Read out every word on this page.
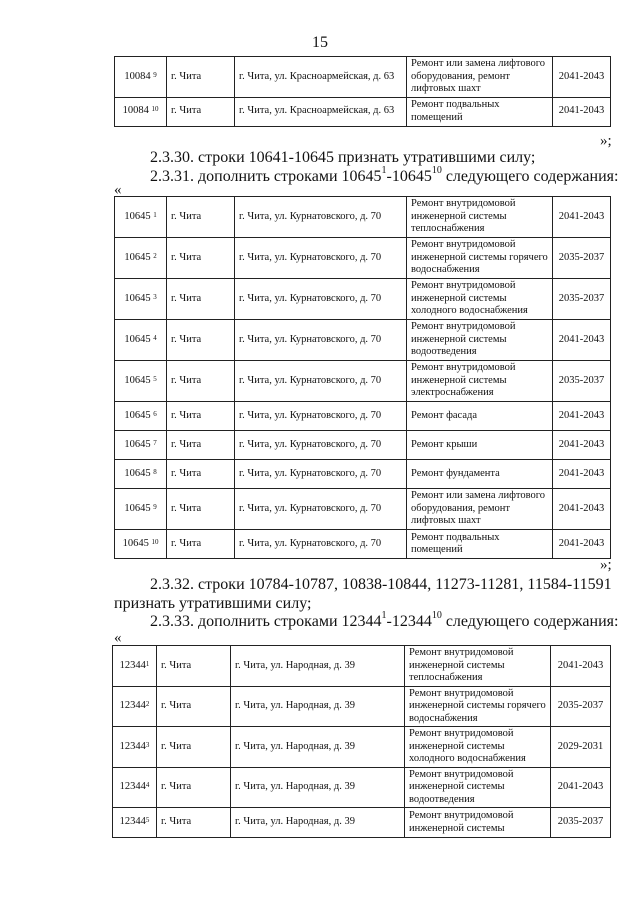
15
10084 $^9$	г. Чита	г. Чита, ул. Красноармейская, д. 63	Ремонт или замена лифтового оборудования, ремонт лифтовых шахт	2041-2043
10084 $^{10}$	г. Чита	г. Чита, ул. Красноармейская, д. 63	Ремонт подвальных помещений	2041-2043
»;
2.3.30. строки 10641-10645 признать утратившими силу;
2.3.31. дополнить строками 10645$^1$-10645$^{10}$ следующего содержания:
«
10645 $^1$	г. Чита	г. Чита, ул. Курнатовского, д. 70	Ремонт внутридомовой инженерной системы теплоснабжения	2041-2043
10645 $^2$	г. Чита	г. Чита, ул. Курнатовского, д. 70	Ремонт внутридомовой инженерной системы горячего водоснабжения	2035-2037
10645 $^3$	г. Чита	г. Чита, ул. Курнатовского, д. 70	Ремонт внутридомовой инженерной системы холодного водоснабжения	2035-2037
10645 $^4$	г. Чита	г. Чита, ул. Курнатовского, д. 70	Ремонт внутридомовой инженерной системы водоотведения	2041-2043
10645 $^5$	г. Чита	г. Чита, ул. Курнатовского, д. 70	Ремонт внутридомовой инженерной системы электроснабжения	2035-2037
10645 $^6$	г. Чита	г. Чита, ул. Курнатовского, д. 70	Ремонт фасада	2041-2043
10645 $^7$	г. Чита	г. Чита, ул. Курнатовского, д. 70	Ремонт крыши	2041-2043
10645 $^8$	г. Чита	г. Чита, ул. Курнатовского, д. 70	Ремонт фундамента	2041-2043
10645 $^9$	г. Чита	г. Чита, ул. Курнатовского, д. 70	Ремонт или замена лифтового оборудования, ремонт лифтовых шахт	2041-2043
10645 $^{10}$	г. Чита	г. Чита, ул. Курнатовского, д. 70	Ремонт подвальных помещений	2041-2043
»;
2.3.32. строки 10784-10787, 10838-10844, 11273-11281, 11584-11591
признать утратившими силу;
2.3.33. дополнить строками 12344$^1$-12344$^{10}$ следующего содержания:
«
12344$^1$	г. Чита	г. Чита, ул. Народная, д. 39	Ремонт внутридомовой инженерной системы теплоснабжения	2041-2043
12344$^2$	г. Чита	г. Чита, ул. Народная, д. 39	Ремонт внутридомовой инженерной системы горячего водоснабжения	2035-2037
12344$^3$	г. Чита	г. Чита, ул. Народная, д. 39	Ремонт внутридомовой инженерной системы холодного водоснабжения	2029-2031
12344$^4$	г. Чита	г. Чита, ул. Народная, д. 39	Ремонт внутридомовой инженерной системы водоотведения	2041-2043
12344$^5$	г. Чита	г. Чита, ул. Народная, д. 39	Ремонт внутридомовой инженерной системы	2035-2037
